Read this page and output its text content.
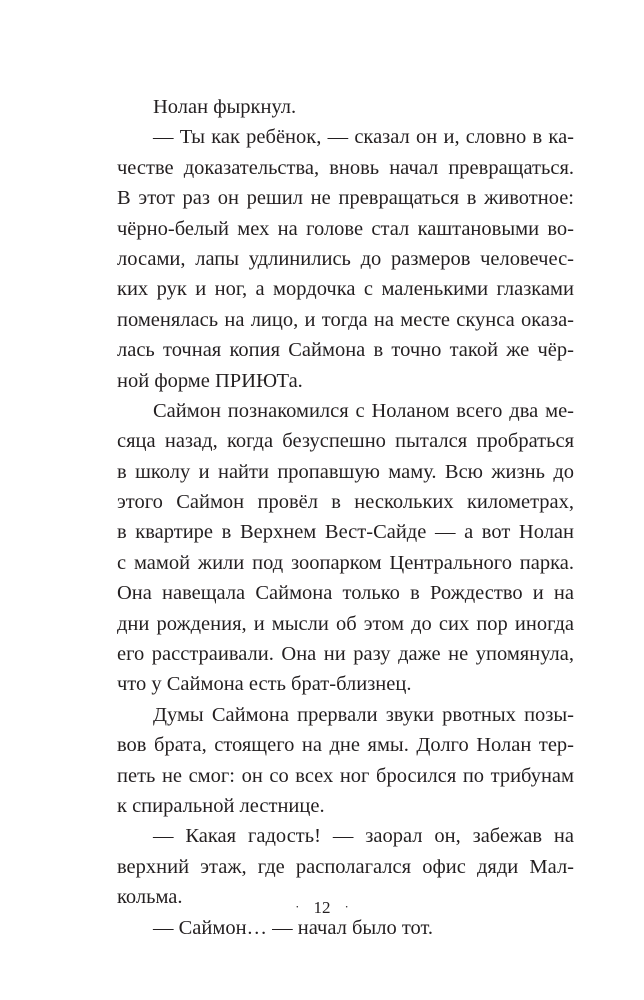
Нолан фыркнул.
— Ты как ребёнок, — сказал он и, словно в ка-
честве доказательства, вновь начал превращаться.
В этот раз он решил не превращаться в животное:
чёрно-белый мех на голове стал каштановыми во-
лосами, лапы удлинились до размеров человечес-
ких рук и ног, а мордочка с маленькими глазками
поменялась на лицо, и тогда на месте скунса оказа-
лась точная копия Саймона в точно такой же чёр-
ной форме ПРИЮТа.
Саймон познакомился с Ноланом всего два ме-
сяца назад, когда безуспешно пытался пробраться
в школу и найти пропавшую маму. Всю жизнь до
этого Саймон провёл в нескольких километрах,
в квартире в Верхнем Вест-Сайде — а вот Нолан
с мамой жили под зоопарком Центрального парка.
Она навещала Саймона только в Рождество и на
дни рождения, и мысли об этом до сих пор иногда
его расстраивали. Она ни разу даже не упомянула,
что у Саймона есть брат-близнец.
Думы Саймона прервали звуки рвотных позы-
вов брата, стоящего на дне ямы. Долго Нолан тер-
петь не смог: он со всех ног бросился по трибунам
к спиральной лестнице.
— Какая гадость! — заорал он, забежав на
верхний этаж, где располагался офис дяди Мал-
кольма.
— Саймон… — начал было тот.
· 12 ·
